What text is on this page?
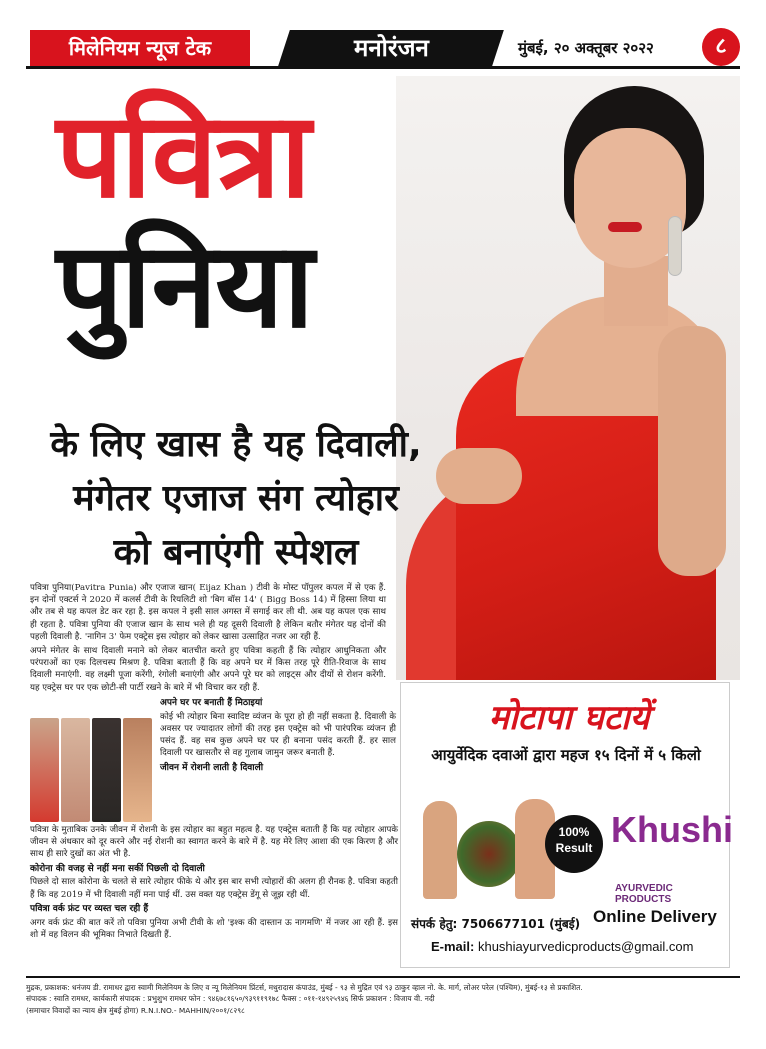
मिलेनियम न्यूज टेक	मनोरंजन	मुंबई, २० अक्तूबर २०२२	८
पवित्रा
पुनिया
के लिए खास है यह दिवाली,
मंगेतर एजाज संग त्योहार
को बनाएंगी स्पेशल

पवित्रा पुनिया(Pavitra Punia) और एजाज खान( Eijaz Khan ) टीवी के मोस्ट पॉपुलर कपल में से एक हैं. इन दोनों एक्टर्स ने 2020 में कलर्स टीवी के रियलिटी शो 'बिग बॉस 14' ( Bigg Boss 14) में हिस्सा लिया था और तब से यह कपल डेट कर रहा है. इस कपल ने इसी साल अगस्त में सगाई कर ली थी. अब यह कपल एक साथ ही रहता है. पवित्रा पुनिया की एजाज खान के साथ भले ही यह दूसरी दिवाली है लेकिन बतौर मंगेतर यह दोनों की पहली दिवाली है. 'नागिन 3' फेम एक्ट्रेस इस त्योहार को लेकर खासा उत्साहित नजर आ रही हैं.

अपने मंगेतर के साथ दिवाली मनाने को लेकर बातचीत करते हुए पवित्रा कहती हैं कि त्योहार आधुनिकता और परंपराओं का एक दिलचस्प मिश्रण है. पवित्रा बताती हैं कि वह अपने घर में किस तरह पूरे रीति-रिवाज के साथ दिवाली मनाएंगी. वह लक्ष्मी पूजा करेंगी, रंगोली बनाएंगी और अपने पूरे घर को लाइट्स और दीयों से रोशन करेंगी. यह एक्ट्रेस घर पर एक छोटी-सी पार्टी रखने के बारे में भी विचार कर रही हैं.

अपने घर पर बनाती हैं मिठाइयां

कोई भी त्योहार बिना स्वादिष्ट व्यंजन के पूरा हो ही नहीं सकता है. दिवाली के अवसर पर ज्यादातर लोगों की तरह इस एक्ट्रेस को भी पारंपरिक व्यंजन ही पसंद हैं. वह सब कुछ अपने घर पर ही बनाना पसंद करती हैं. हर साल दिवाली पर खासतौर से वह गुलाब जामुन जरूर बनाती हैं.

जीवन में रोशनी लाती है दिवाली

पवित्रा के मुताबिक उनके जीवन में रोशनी के इस त्योहार का बहुत महत्व है. यह एक्ट्रेस बताती हैं कि यह त्योहार आपके जीवन से अंधकार को दूर करने और नई रोशनी का स्वागत करने के बारे में है. यह मेरे लिए आशा की एक किरण है और साथ ही सारे दुखों का अंत भी है.

कोरोना की वजह से नहीं मना सकीं पिछली दो दिवाली

पिछले दो साल कोरोना के चलते से सारे त्योहार फीके थे और इस बार सभी त्योहारों की अलग ही रौनक है. पवित्रा कहती हैं कि वह 2019 में भी दिवाली नहीं मना पाई थीं. उस वक्त यह एक्ट्रेस डेंगू से जूझ रही थीं.

पवित्रा वर्क फ्रंट पर व्यस्त चल रही हैं

अगर वर्क फ्रंट की बात करें तो पवित्रा पुनिया अभी टीवी के शो 'इश्क की दास्तान ऊ नागमणि' में नजर आ रही हैं. इस शो में वह विलन की भूमिका निभाते दिखती हैं.

मोटापा घटायें
आयुर्वेदिक दवाओं द्वारा महज १५ दिनों में ५ किलो
100%
Result Khushi
AYURVEDIC PRODUCTS
Online Delivery
संपर्क हेतु: 7506677101 (मुंबई)
E-mail: khushiayurvedicproducts@gmail.com
मुद्रक, प्रकाशक: धनंजय डी. रामाधर द्वारा स्वामी मिलेनियम के लिए व न्यू मिलेनियम प्रिंटर्स, मथुरादास कंपाउंड, मुंबई - ९३ से मुद्रित एवं ९३ ठाकुर व्हाल नो. के. मार्ग, लोअर परेल (पश्चिम), मुंबई-१३ से प्रकाशित.
संपादक : स्वाति रामधर, कार्यकारी संपादक : प्रभुशुभ रामधर फोन : ९४६७८१६५०/९३९११९१७८ फैक्स : ०११-१४९२५९४६ सिर्फ प्रकाशन : विजाय वी. नदी
(समाचार विवादों का न्याय क्षेत्र मुंबई होगा) R.N.I.NO.- MAHHIN/२००१/८२९८
